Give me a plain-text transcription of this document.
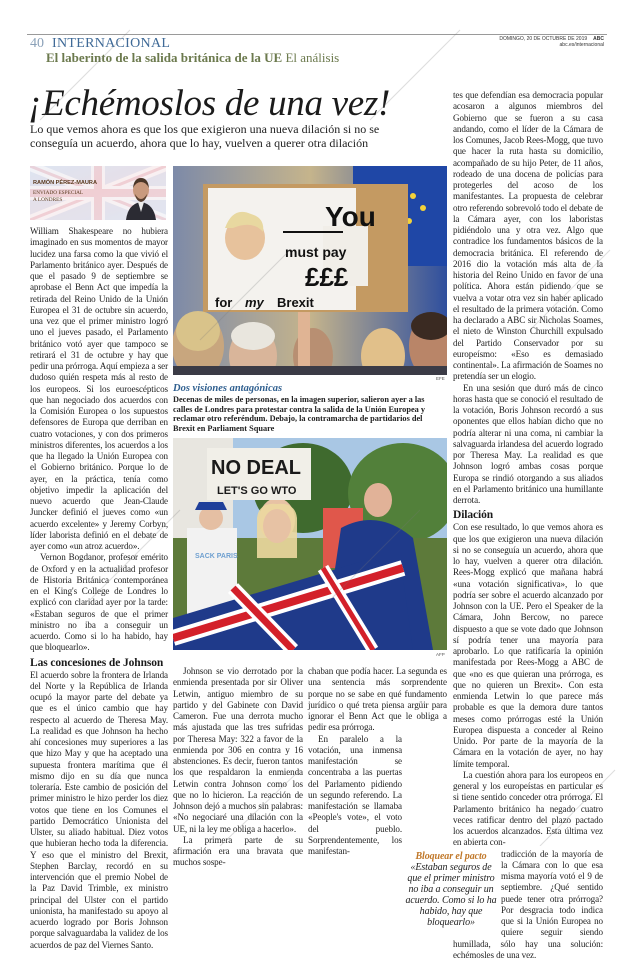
40 INTERNACIONAL
El laberinto de la salida británica de la UE El análisis
DOMINGO, 20 DE OCTUBRE DE 2019 ABC
abc.es/internacional
¡Echémoslos de una vez!
Lo que vemos ahora es que los que exigieron una nueva dilación si no se conseguía un acuerdo, ahora que lo hay, vuelven a querer otra dilación
RAMÓN PÉREZ-MAURA
ENVIADO ESPECIAL
A LONDRES

William Shakespeare no hubiera imaginado en sus momentos de mayor lucidez una farsa como la que vivió el Parlamento británico ayer. Después de que el pasado 9 de septiembre se aprobase el Benn Act que impedía la retirada del Reino Unido de la Unión Europea el 31 de octubre sin acuerdo, una vez que el primer ministro logró uno el jueves pasado, el Parlamento británico votó ayer que tampoco se retirará el 31 de octubre y hay que pedir una prórroga. Aquí empieza a ser dudoso quién respeta más al resto de los europeos. Si los euroescépticos que han negociado dos acuerdos con la Comisión Europea o los supuestos defensores de Europa que derriban en cuatro votaciones, y con dos primeros ministros diferentes, los acuerdos a los que ha llegado la Unión Europea con el Gobierno británico. Porque lo de ayer, en la práctica, tenía como objetivo impedir la aplicación del nuevo acuerdo que Jean-Claude Juncker definió el jueves como «un acuerdo excelente» y Jeremy Corbyn, líder laborista definió en el debate de ayer como «un atroz acuerdo».

Vernon Bogdanor, profesor emérito de Oxford y en la actualidad profesor de Historia Británica contemporánea en el King's College de Londres lo explicó con claridad ayer por la tarde: «Estaban seguros de que el primer ministro no iba a conseguir un acuerdo. Como si lo ha habido, hay que bloquearlo».

Las concesiones de Johnson

El acuerdo sobre la frontera de Irlanda del Norte y la República de Irlanda ocupó la mayor parte del debate ya que es el único cambio que hay respecto al acuerdo de Theresa May. La realidad es que Johnson ha hecho ahí concesiones muy superiores a las que hizo May y que ha aceptado una supuesta frontera marítima que él mismo dijo en su día que nunca toleraría. Este cambio de posición del primer ministro le hizo perder los diez votos que tiene en los Comunes el partido Democrático Unionista del Ulster, su aliado habitual. Diez votos que hubieran hecho toda la diferencia. Y eso que el ministro del Brexit, Stephen Barclay, recordó en su intervención que el premio Nobel de la Paz David Trimble, ex ministro principal del Ulster con el partido unionista, ha manifestado su apoyo al acuerdo logrado por Boris Johnson porque salvaguardaba la validez de los acuerdos de paz del Viernes Santo.

You
must pay
£££
for my Brexit
EFE
Dos visiones antagónicas
Decenas de miles de personas, en la imagen superior, salieron ayer a las calles de Londres para protestar contra la salida de la Unión Europea y reclamar otro referéndum. Debajo, la contramarcha de partidarios del Brexit en Parliament Square
SACK PARIS
NO DEAL
LET'S GO WTO
AFP

Johnson se vio derrotado por la enmienda presentada por sir Oliver Letwin, antiguo miembro de su partido y del Gabinete con David Cameron. Fue una derrota mucho más ajustada que las tres sufridas por Theresa May: 322 a favor de la enmienda por 306 en contra y 16 abstenciones. Es decir, fueron tantos los que respaldaron la enmienda Letwin contra Johnson como los que no lo hicieron. La reacción de Johnson dejó a muchos sin palabras: «No negociaré una dilación con la UE, ni la ley me obliga a hacerlo».

La primera parte de su afirmación era una bravata que muchos sospe-

chaban que podía hacer. La segunda es una sentencia más sorprendente porque no se sabe en qué fundamento jurídico o qué treta piensa argüir para ignorar el Benn Act que le obliga a pedir esa prórroga.

En paralelo a la votación, una inmensa manifestación se concentraba a las puertas del Parlamento pidiendo un segundo referendo. La manifestación se llamaba «People's vote», el voto del pueblo. Sorprendentemente, los manifestan-

tes que defendían esa democracia popular acosaron a algunos miembros del Gobierno que se fueron a su casa andando, como el líder de la Cámara de los Comunes, Jacob Rees-Mogg, que tuvo que hacer la ruta hasta su domicilio, acompañado de su hijo Peter, de 11 años, rodeado de una docena de policías para protegerles del acoso de los manifestantes. La propuesta de celebrar otro referendo sobrevoló todo el debate de la Cámara ayer, con los laboristas pidiéndolo una y otra vez. Algo que contradice los fundamentos básicos de la democracia británica. El referendo de 2016 dio la votación más alta de la historia del Reino Unido en favor de una política. Ahora están pidiendo que se vuelva a votar otra vez sin haber aplicado el resultado de la primera votación. Como ha declarado a ABC sir Nicholas Soames, el nieto de Winston Churchill expulsado del Partido Conservador por su europeísmo: «Eso es demasiado continental». La afirmación de Soames no pretendía ser un elogio.

En una sesión que duró más de cinco horas hasta que se conoció el resultado de la votación, Boris Johnson recordó a sus oponentes que ellos habían dicho que no podría alterar ni una coma, ni cambiar la salvaguarda irlandesa del acuerdo logrado por Theresa May. La realidad es que Johnson logró ambas cosas porque Europa se rindió otorgando a sus aliados en el Parlamento británico una humillante derrota.

Dilación

Con ese resultado, lo que vemos ahora es que los que exigieron una nueva dilación si no se conseguía un acuerdo, ahora que lo hay, vuelven a querer otra dilación. Rees-Mogg explicó que mañana habrá «una votación significativa», lo que podría ser sobre el acuerdo alcanzado por Johnson con la UE. Pero el Speaker de la Cámara, John Bercow, no parece dispuesto a que se vote dado que Johnson sí podría tener una mayoría para aprobarlo. Lo que ratificaría la opinión manifestada por Rees-Mogg a ABC de que «no es que quieran una prórroga, es que no quieren un Brexit». Con esta enmienda Letwin lo que parece más probable es que la demora dure tantos meses como prórrogas esté la Unión Europea dispuesta a conceder al Reino Unido. Por parte de la mayoría de la Cámara en la votación de ayer, no hay límite temporal.

La cuestión ahora para los europeos en general y los europeístas en particular es si tiene sentido conceder otra prórroga. El Parlamento británico ha negado cuatro veces ratificar dentro del plazo pactado los acuerdos alcanzados. Esta última vez en abierta con-

Bloquear el pacto
«Estaban seguros de que el primer ministro no iba a conseguir un acuerdo. Como si lo ha habido, hay que bloquearlo»

tradicción de la mayoría de la Cámara con lo que esa misma mayoría votó el 9 de septiembre. ¿Qué sentido puede tener otra prórroga? Por desgracia todo indica que si la Unión Europea no quiere seguir siendo humillada, sólo hay una solución: echémosles de una vez.
